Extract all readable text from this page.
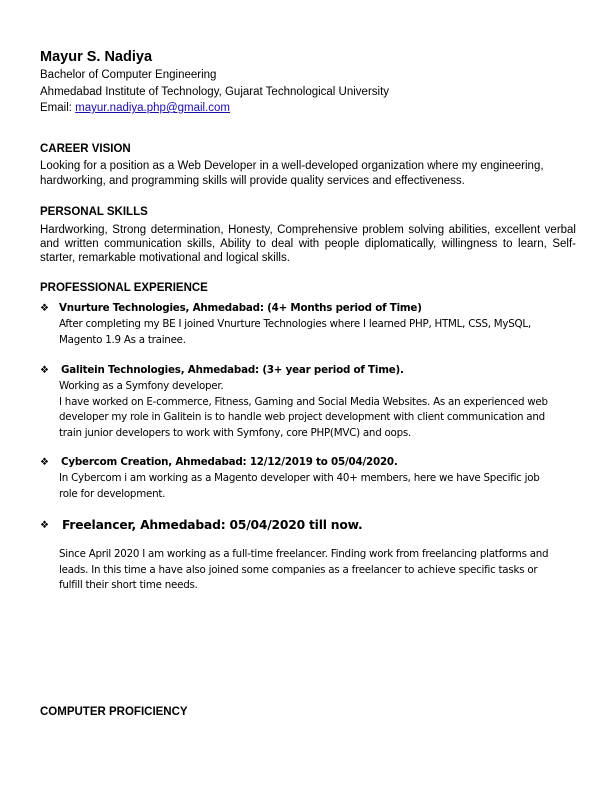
Mayur S. Nadiya
Bachelor of Computer Engineering
Ahmedabad Institute of Technology, Gujarat Technological University
Email: mayur.nadiya.php@gmail.com
CAREER VISION
Looking for a position as a Web Developer in a well-developed organization where my engineering, hardworking, and programming skills will provide quality services and effectiveness.
PERSONAL SKILLS
Hardworking, Strong determination, Honesty, Comprehensive problem solving abilities, excellent verbal and written communication skills, Ability to deal with people diplomatically, willingness to learn, Self-starter, remarkable motivational and logical skills.
PROFESSIONAL EXPERIENCE
❖ Vnurture Technologies, Ahmedabad: (4+ Months period of Time)
After completing my BE I joined Vnurture Technologies where I learned PHP, HTML, CSS, MySQL,
Magento 1.9 As a trainee.
❖ Galitein Technologies, Ahmedabad: (3+ year period of Time).
Working as a Symfony developer.
I have worked on E-commerce, Fitness, Gaming and Social Media Websites. As an experienced web
developer my role in Galitein is to handle web project development with client communication and
train junior developers to work with Symfony, core PHP(MVC) and oops.
❖ Cybercom Creation, Ahmedabad: 12/12/2019 to 05/04/2020.
In Cybercom i am working as a Magento developer with 40+ members, here we have Specific job
role for development.
❖ Freelancer, Ahmedabad: 05/04/2020 till now.
Since April 2020 I am working as a full-time freelancer. Finding work from freelancing platforms and
leads. In this time a have also joined some companies as a freelancer to achieve specific tasks or
fulfill their short time needs.
COMPUTER PROFICIENCY
